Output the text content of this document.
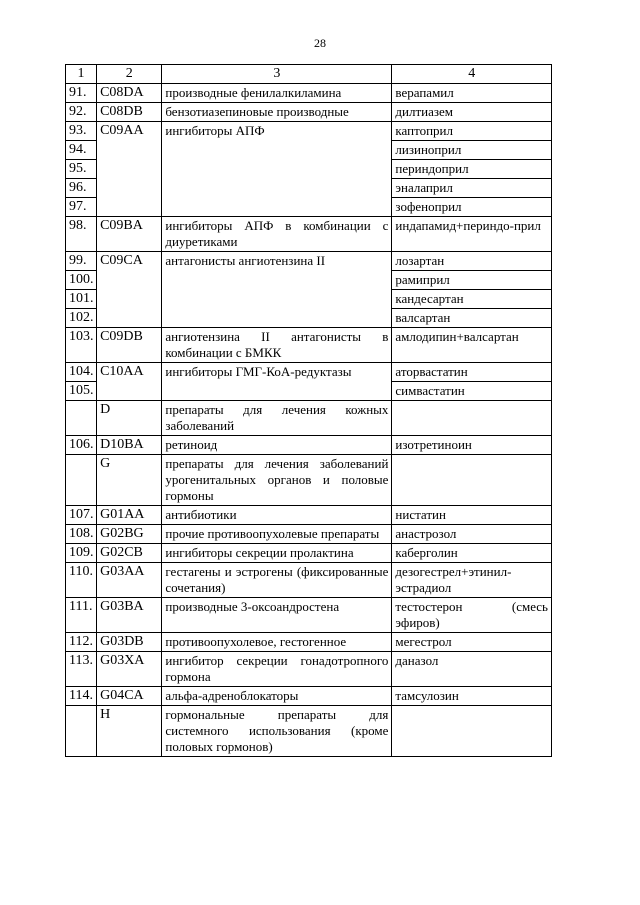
28
1	2	3	4
91.	C08DA	производные фенилалкиламина	верапамил
92.	C08DB	бензотиазепиновые производные	дилтиазем
93.	C09AA	ингибиторы АПФ	каптоприл
94.			лизиноприл
95.			периндоприл
96.			эналаприл
97.			зофеноприл
98.	C09BA	ингибиторы АПФ в комбинации с диуретиками	индапамид+периндо-прил
99.	C09CA	антагонисты ангиотензина II	лозартан
100.			рамиприл
101.			кандесартан
102.			валсартан
103.	C09DB	ангиотензина II антагонисты в комбинации с БМКК	амлодипин+валсартан
104.	C10AA	ингибиторы ГМГ-КоА-редуктазы	аторвастатин
105.			симвастатин
	D	препараты для лечения кожных заболеваний	
106.	D10BA	ретиноид	изотретиноин
	G	препараты для лечения заболеваний урогенитальных органов и половые гормоны	
107.	G01AA	антибиотики	нистатин
108.	G02BG	прочие противоопухолевые препараты	анастрозол
109.	G02CB	ингибиторы секреции пролактина	каберголин
110.	G03AA	гестагены и эстрогены (фиксированные сочетания)	дезогестрел+этинил-эстрадиол
111.	G03BA	производные 3-оксоандростена	тестостерон (смесь эфиров)
112.	G03DB	противоопухолевое, гестогенное	мегестрол
113.	G03XA	ингибитор секреции гонадотропного гормона	даназол
114.	G04CA	альфа-адреноблокаторы	тамсулозин
	H	гормональные препараты для системного использования (кроме половых гормонов)	
